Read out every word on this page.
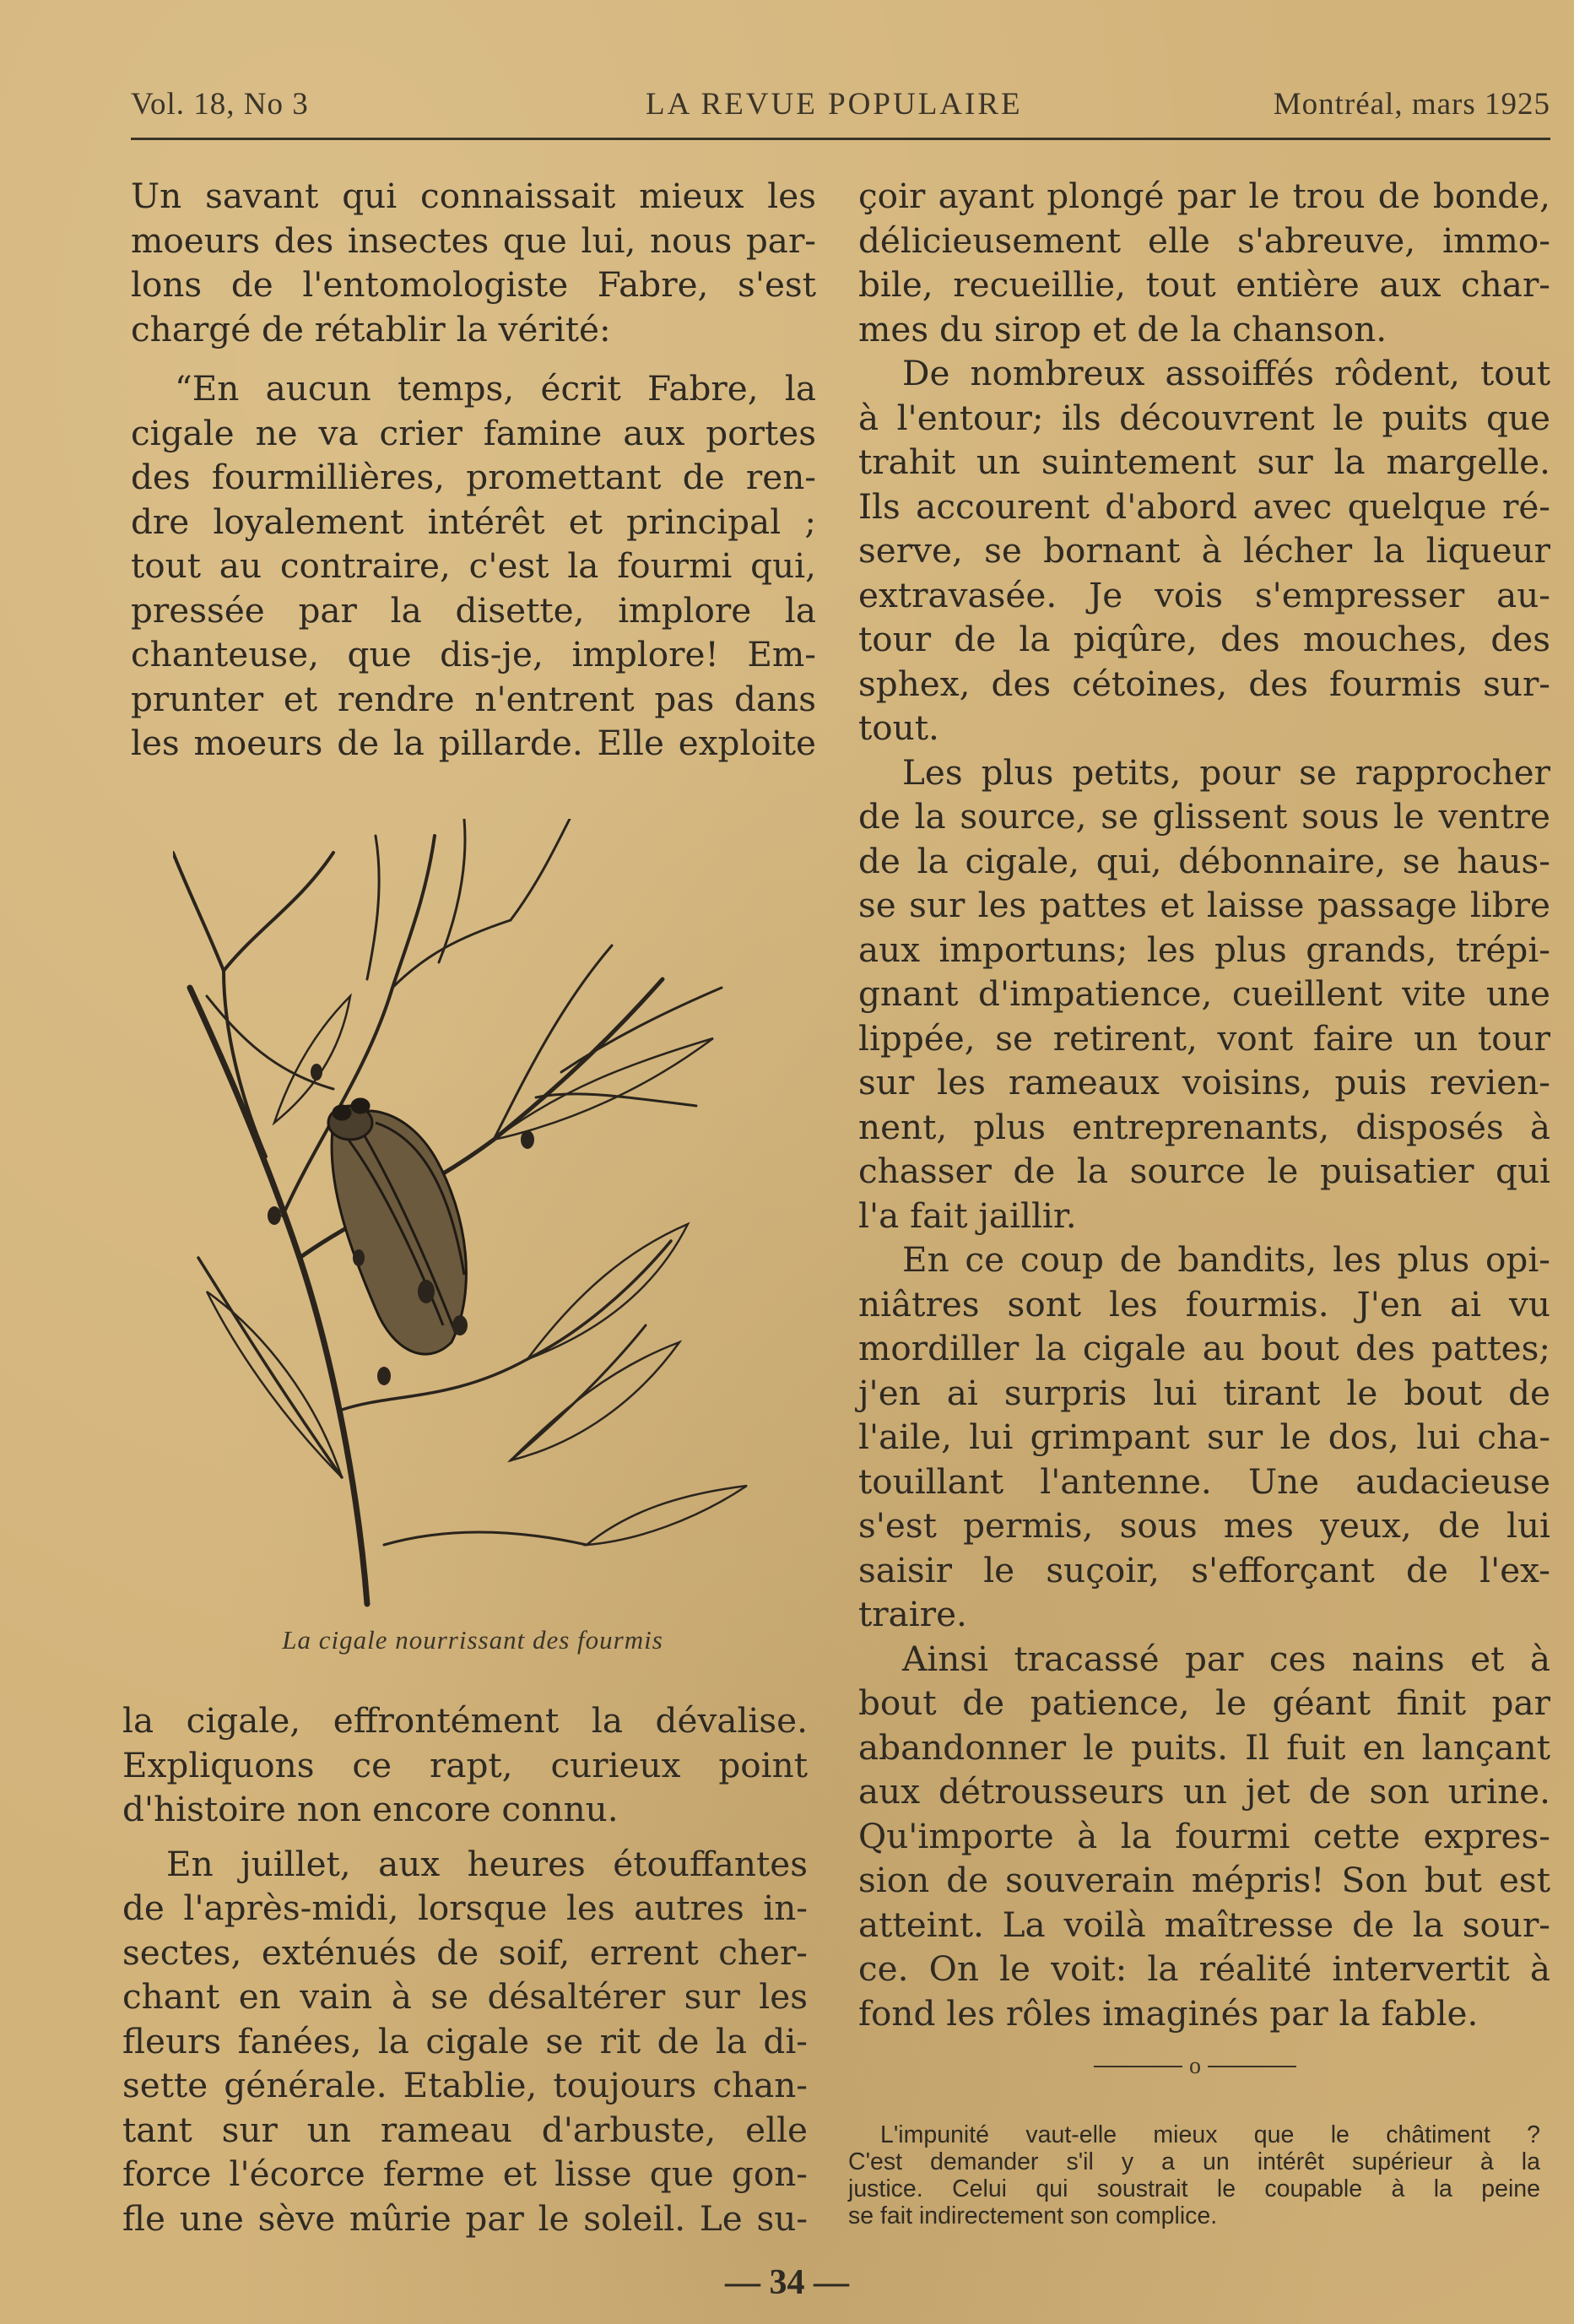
Vol. 18, No 3	LA REVUE POPULAIRE	Montréal, mars 1925

Un savant qui connaissait mieux les

moeurs des insectes que lui, nous par-

lons de l'entomologiste Fabre, s'est

chargé de rétablir la vérité:

“En aucun temps, écrit Fabre, la

cigale ne va crier famine aux portes

des fourmillières, promettant de ren-

dre loyalement intérêt et principal ;

tout au contraire, c'est la fourmi qui,

pressée par la disette, implore la

chanteuse, que dis-je, implore! Em-

prunter et rendre n'entrent pas dans

les moeurs de la pillarde. Elle exploite

La cigale nourrissant des fourmis

la cigale, effrontément la dévalise.

Expliquons ce rapt, curieux point

d'histoire non encore connu.

En juillet, aux heures étouffantes

de l'après-midi, lorsque les autres in-

sectes, exténués de soif, errent cher-

chant en vain à se désaltérer sur les

fleurs fanées, la cigale se rit de la di-

sette générale. Etablie, toujours chan-

tant sur un rameau d'arbuste, elle

force l'écorce ferme et lisse que gon-

fle une sève mûrie par le soleil. Le su-

çoir ayant plongé par le trou de bonde,

délicieusement elle s'abreuve, immo-

bile, recueillie, tout entière aux char-

mes du sirop et de la chanson.

De nombreux assoiffés rôdent, tout

à l'entour; ils découvrent le puits que

trahit un suintement sur la margelle.

Ils accourent d'abord avec quelque ré-

serve, se bornant à lécher la liqueur

extravasée. Je vois s'empresser au-

tour de la piqûre, des mouches, des

sphex, des cétoines, des fourmis sur-

tout.

Les plus petits, pour se rapprocher

de la source, se glissent sous le ventre

de la cigale, qui, débonnaire, se haus-

se sur les pattes et laisse passage libre

aux importuns; les plus grands, trépi-

gnant d'impatience, cueillent vite une

lippée, se retirent, vont faire un tour

sur les rameaux voisins, puis revien-

nent, plus entreprenants, disposés à

chasser de la source le puisatier qui

l'a fait jaillir.

En ce coup de bandits, les plus opi-

niâtres sont les fourmis. J'en ai vu

mordiller la cigale au bout des pattes;

j'en ai surpris lui tirant le bout de

l'aile, lui grimpant sur le dos, lui cha-

touillant l'antenne. Une audacieuse

s'est permis, sous mes yeux, de lui

saisir le suçoir, s'efforçant de l'ex-

traire.

Ainsi tracassé par ces nains et à

bout de patience, le géant finit par

abandonner le puits. Il fuit en lançant

aux détrousseurs un jet de son urine.

Qu'importe à la fourmi cette expres-

sion de souverain mépris! Son but est

atteint. La voilà maîtresse de la sour-

ce. On le voit: la réalité intervertit à

fond les rôles imaginés par la fable.

o

L'impunité vaut-elle mieux que le châtiment ?

C'est demander s'il y a un intérêt supérieur à la

justice. Celui qui soustrait le coupable à la peine

se fait indirectement son complice.

— 34 —
